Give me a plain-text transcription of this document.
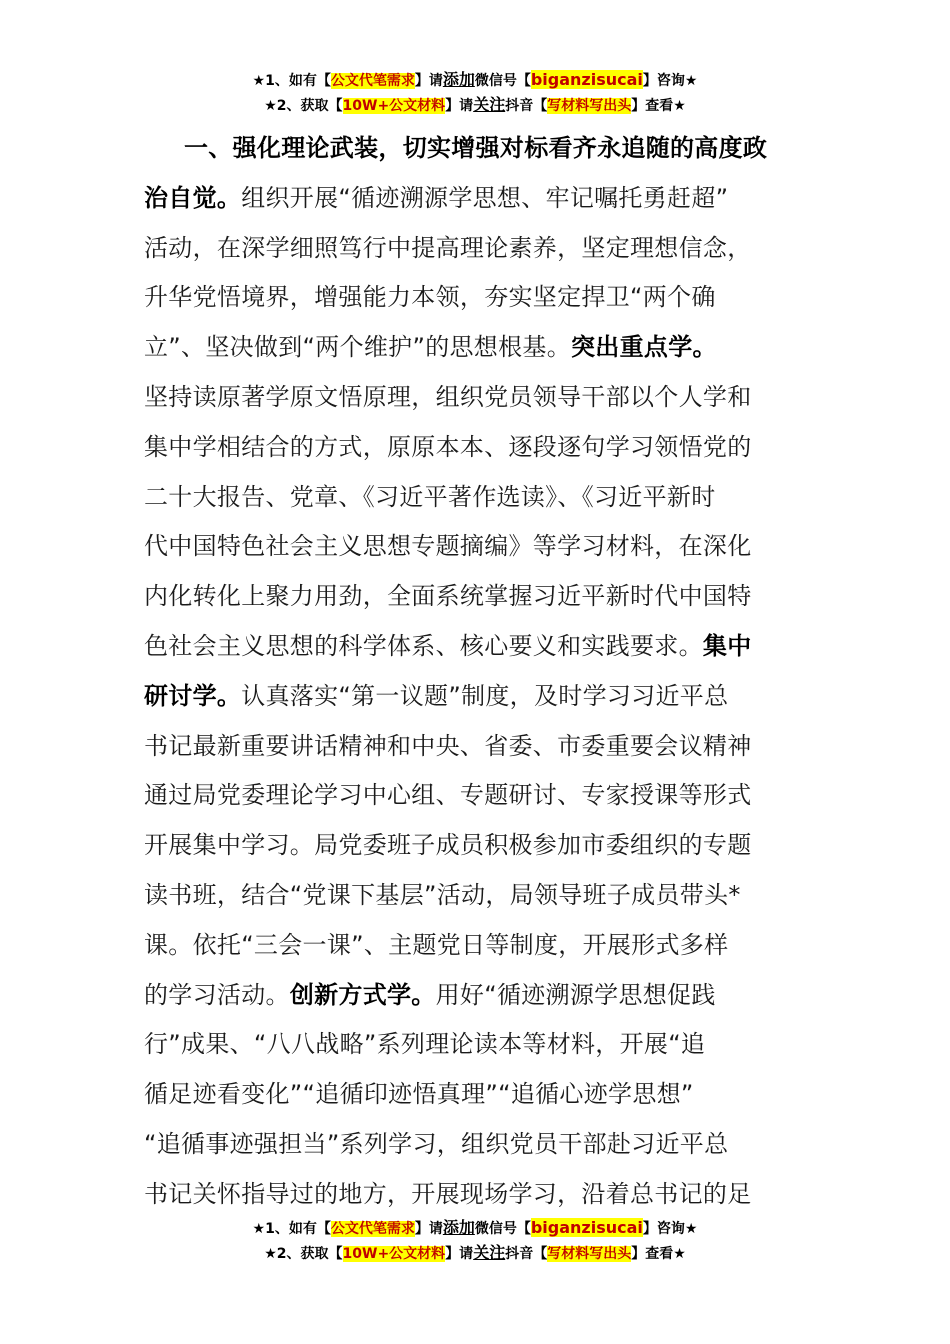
★1、如有【公文代笔需求】请添加微信号【biganzisucai】咨询★
★2、获取【10W+公文材料】请关注抖音【写材料写出头】查看★
一、强化理论武装，切实增强对标看齐永追随的高度政
治自觉。组织开展“循迹溯源学思想、牢记嘱托勇赶超”
活动，在深学细照笃行中提高理论素养，坚定理想信念，
升华党悟境界，增强能力本领，夯实坚定捍卫“两个确
立”、坚决做到“两个维护”的思想根基。突出重点学。
坚持读原著学原文悟原理，组织党员领导干部以个人学和
集中学相结合的方式，原原本本、逐段逐句学习领悟党的
二十大报告、党章、《习近平著作选读》、《习近平新时
代中国特色社会主义思想专题摘编》等学习材料，在深化
内化转化上聚力用劲，全面系统掌握习近平新时代中国特
色社会主义思想的科学体系、核心要义和实践要求。集中
研讨学。认真落实“第一议题”制度，及时学习习近平总
书记最新重要讲话精神和中央、省委、市委重要会议精神
通过局党委理论学习中心组、专题研讨、专家授课等形式
开展集中学习。局党委班子成员积极参加市委组织的专题
读书班，结合“党课下基层”活动，局领导班子成员带头*
课。依托“三会一课”、主题党日等制度，开展形式多样
的学习活动。创新方式学。用好“循迹溯源学思想促践
行”成果、“八八战略”系列理论读本等材料，开展“追
循足迹看变化”“追循印迹悟真理”“追循心迹学思想”
“追循事迹强担当”系列学习，组织党员干部赴习近平总
书记关怀指导过的地方，开展现场学习，沿着总书记的足
★1、如有【公文代笔需求】请添加微信号【biganzisucai】咨询★
★2、获取【10W+公文材料】请关注抖音【写材料写出头】查看★
